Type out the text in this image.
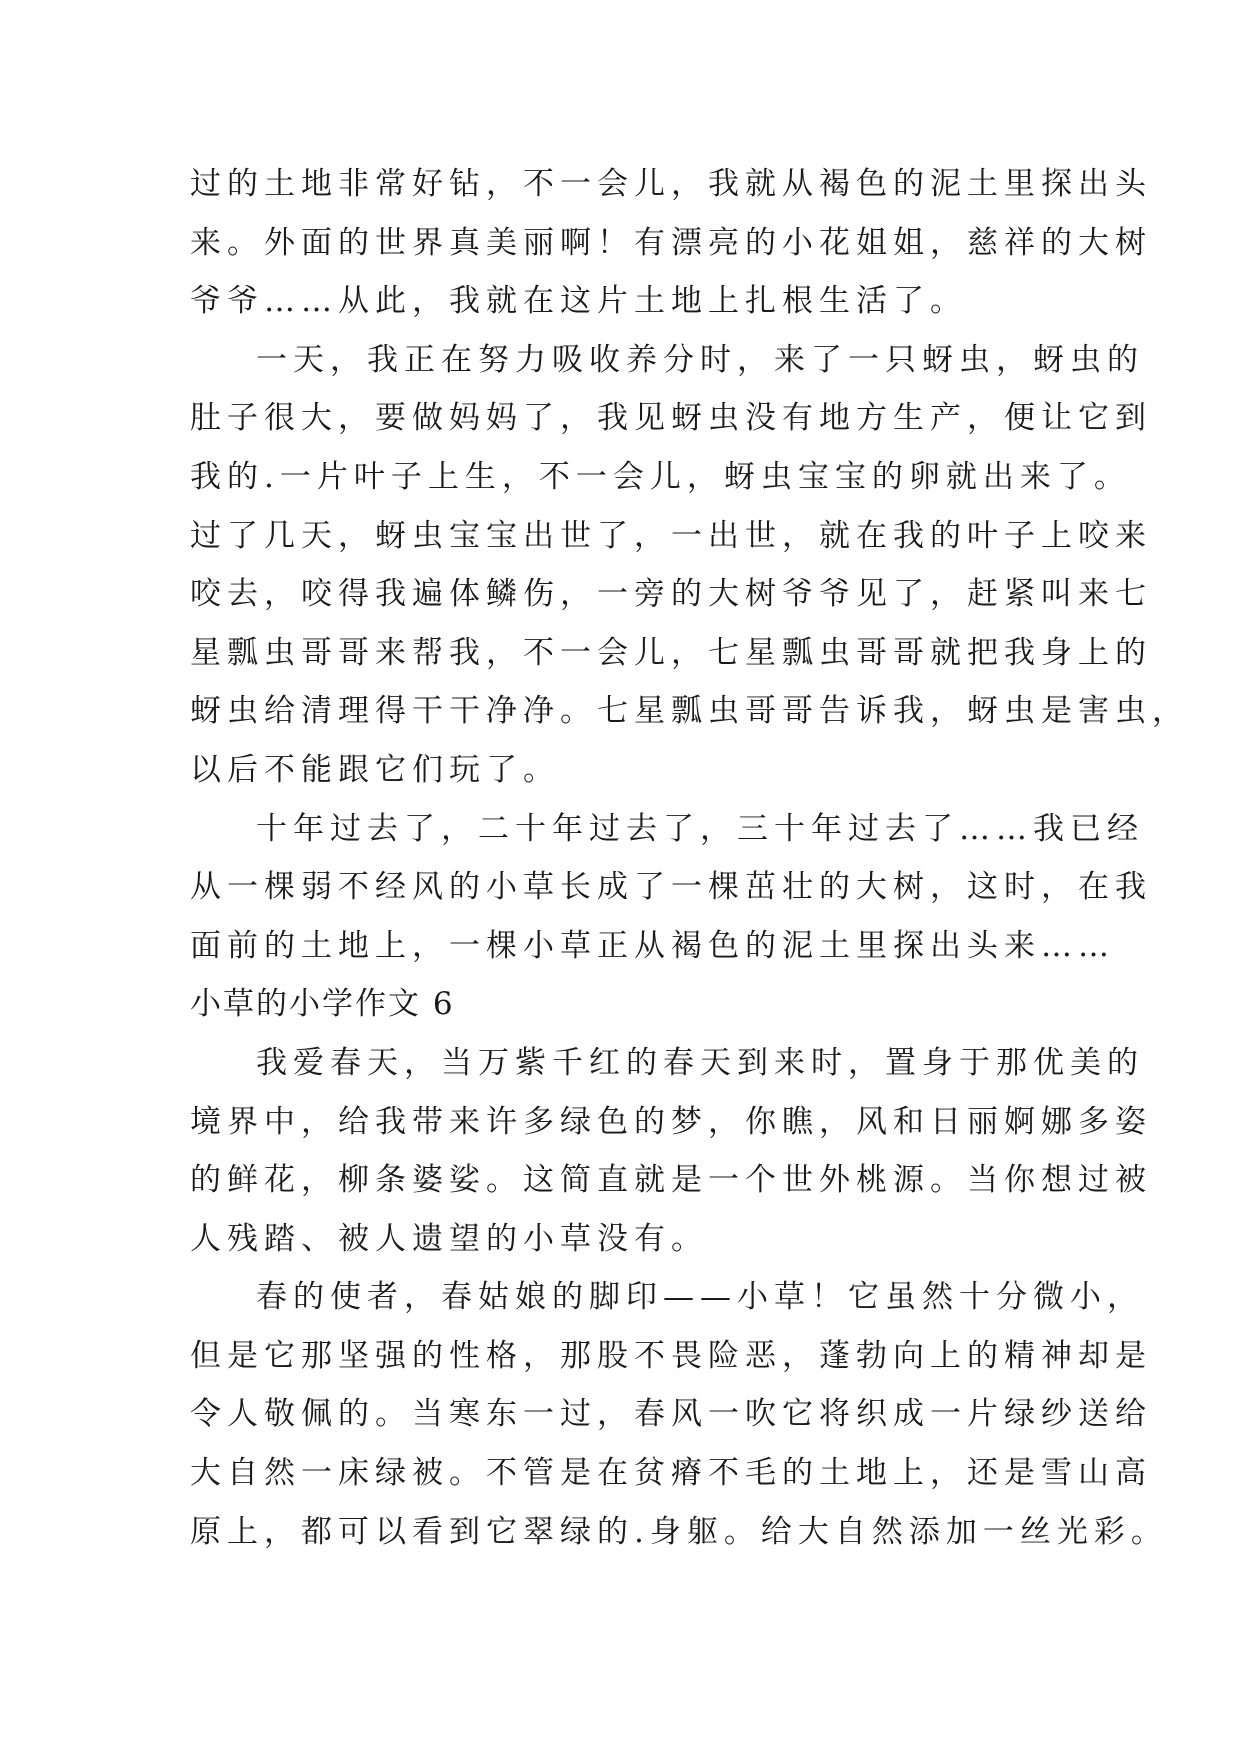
过的土地非常好钻，不一会儿，我就从褐色的泥土里探出头
来。外面的世界真美丽啊！有漂亮的小花姐姐，慈祥的大树
爷爷……从此，我就在这片土地上扎根生活了。
一天，我正在努力吸收养分时，来了一只蚜虫，蚜虫的
肚子很大，要做妈妈了，我见蚜虫没有地方生产，便让它到
我的.一片叶子上生，不一会儿，蚜虫宝宝的卵就出来了。
过了几天，蚜虫宝宝出世了，一出世，就在我的叶子上咬来
咬去，咬得我遍体鳞伤，一旁的大树爷爷见了，赶紧叫来七
星瓢虫哥哥来帮我，不一会儿，七星瓢虫哥哥就把我身上的
蚜虫给清理得干干净净。七星瓢虫哥哥告诉我，蚜虫是害虫，
以后不能跟它们玩了。
十年过去了，二十年过去了，三十年过去了……我已经
从一棵弱不经风的小草长成了一棵茁壮的大树，这时，在我
面前的土地上，一棵小草正从褐色的泥土里探出头来……
小草的小学作文 6
我爱春天，当万紫千红的春天到来时，置身于那优美的
境界中，给我带来许多绿色的梦，你瞧，风和日丽婀娜多姿
的鲜花，柳条婆娑。这简直就是一个世外桃源。当你想过被
人残踏、被人遗望的小草没有。
春的使者，春姑娘的脚印——小草！它虽然十分微小，
但是它那坚强的性格，那股不畏险恶，蓬勃向上的精神却是
令人敬佩的。当寒东一过，春风一吹它将织成一片绿纱送给
大自然一床绿被。不管是在贫瘠不毛的土地上，还是雪山高
原上，都可以看到它翠绿的.身躯。给大自然添加一丝光彩。
